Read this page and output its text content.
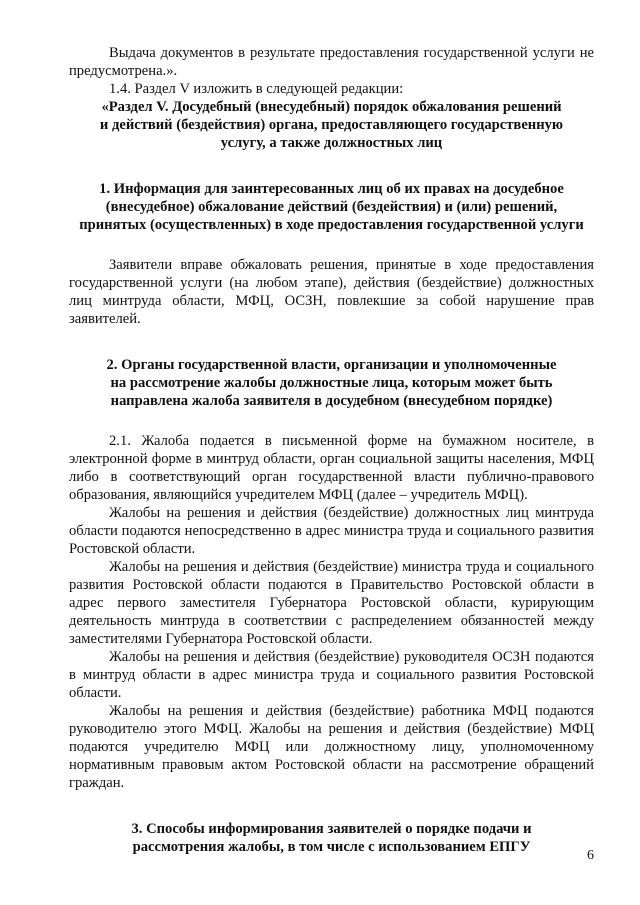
Выдача документов в результате предоставления государственной услуги не предусмотрена.».

1.4. Раздел V изложить в следующей редакции:

«Раздел V. Досудебный (внесудебный) порядок обжалования решений
и действий (бездействия) органа, предоставляющего государственную
услугу, а также должностных лиц
1. Информация для заинтересованных лиц об их правах на досудебное
(внесудебное) обжалование действий (бездействия) и (или) решений,
принятых (осуществленных) в ходе предоставления государственной услуги

Заявители вправе обжаловать решения, принятые в ходе предоставления государственной услуги (на любом этапе), действия (бездействие) должностных лиц минтруда области, МФЦ, ОСЗН, повлекшие за собой нарушение прав заявителей.

2. Органы государственной власти, организации и уполномоченные
на рассмотрение жалобы должностные лица, которым может быть
направлена жалоба заявителя в досудебном (внесудебном порядке)

2.1. Жалоба подается в письменной форме на бумажном носителе, в электронной форме в минтруд области, орган социальной защиты населения, МФЦ либо в соответствующий орган государственной власти публично-правового образования, являющийся учредителем МФЦ (далее – учредитель МФЦ).

Жалобы на решения и действия (бездействие) должностных лиц минтруда области подаются непосредственно в адрес министра труда и социального развития Ростовской области.

Жалобы на решения и действия (бездействие) министра труда и социального развития Ростовской области подаются в Правительство Ростовской области в адрес первого заместителя Губернатора Ростовской области, курирующим деятельность минтруда в соответствии с распределением обязанностей между заместителями Губернатора Ростовской области.

Жалобы на решения и действия (бездействие) руководителя ОСЗН подаются в минтруд области в адрес министра труда и социального развития Ростовской области.

Жалобы на решения и действия (бездействие) работника МФЦ подаются руководителю этого МФЦ. Жалобы на решения и действия (бездействие) МФЦ подаются учредителю МФЦ или должностному лицу, уполномоченному нормативным правовым актом Ростовской области на рассмотрение обращений граждан.

3. Способы информирования заявителей о порядке подачи и
рассмотрения жалобы, в том числе с использованием ЕПГУ
6
